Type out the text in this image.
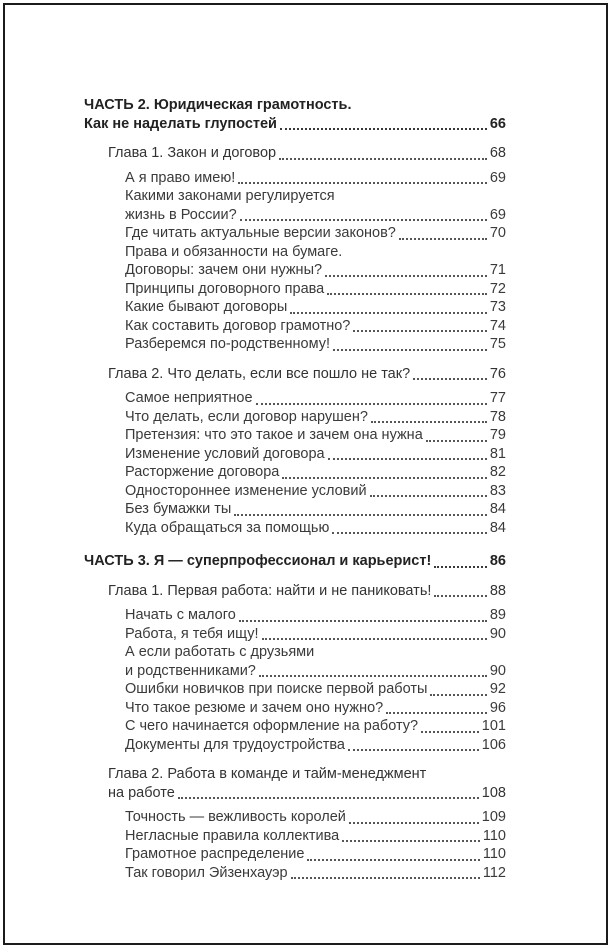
ЧАСТЬ 2. Юридическая грамотность.
Как не наделать глупостей	66
Глава 1. Закон и договор	68
А я право имею!	69
Какими законами регулируется
жизнь в России?	69
Где читать актуальные версии законов?	70
Права и обязанности на бумаге.
Договоры: зачем они нужны?	71
Принципы договорного права	72
Какие бывают договоры	73
Как составить договор грамотно?	74
Разберемся по-родственному!	75
Глава 2. Что делать, если все пошло не так?	76
Самое неприятное	77
Что делать, если договор нарушен?	78
Претензия: что это такое и зачем она нужна	79
Изменение условий договора	81
Расторжение договора	82
Одностороннее изменение условий	83
Без бумажки ты	84
Куда обращаться за помощью	84
ЧАСТЬ 3. Я — суперпрофессионал и карьерист!	86
Глава 1. Первая работа: найти и не паниковать!	88
Начать с малого	89
Работа, я тебя ищу!	90
А если работать с друзьями
и родственниками?	90
Ошибки новичков при поиске первой работы	92
Что такое резюме и зачем оно нужно?	96
С чего начинается оформление на работу?	101
Документы для трудоустройства	106
Глава 2. Работа в команде и тайм-менеджмент
на работе	108
Точность — вежливость королей	109
Негласные правила коллектива	110
Грамотное распределение	110
Так говорил Эйзенхауэр	112
